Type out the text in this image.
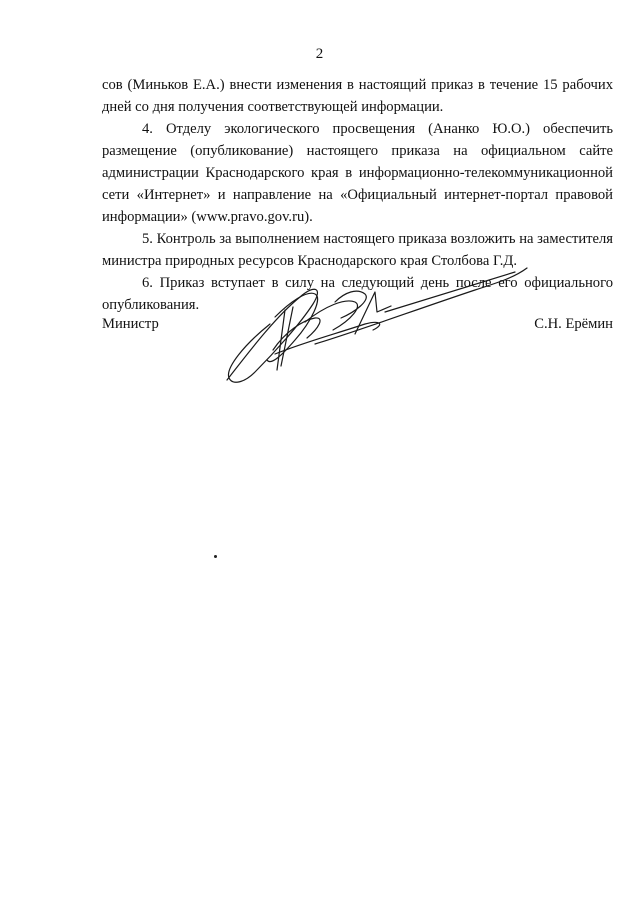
2

сов (Миньков Е.А.) внести изменения в настоящий приказ в течение 15 рабочих
дней со дня получения соответствующей информации.

4. Отделу экологического просвещения (Ананко Ю.О.) обеспечить размещение (опубликование) настоящего приказа на официальном сайте администрации Краснодарского края в информационно-телекоммуникационной сети «Интернет» и направление на «Официальный интернет-портал правовой информации» (www.pravo.gov.ru).

5. Контроль за выполнением настоящего приказа возложить на заместителя министра природных ресурсов Краснодарского края Столбова Г.Д.

6. Приказ вступает в силу на следующий день после его официального опубликования.

Министр	С.Н. Ерёмин
